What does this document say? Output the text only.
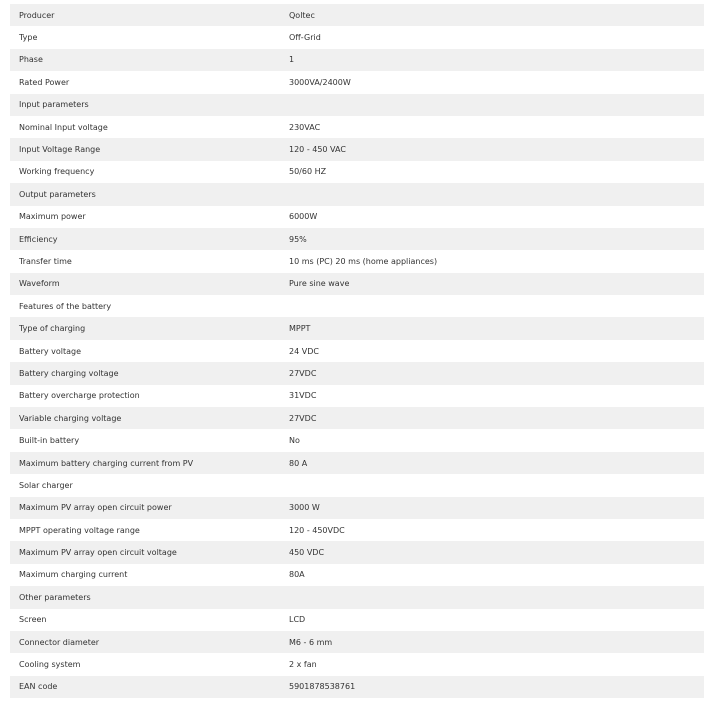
Producer	Qoltec
Type	Off-Grid
Phase	1
Rated Power	3000VA/2400W
Input parameters
Nominal Input voltage	230VAC
Input Voltage Range	120 - 450 VAC
Working frequency	50/60 HZ
Output parameters
Maximum power	6000W
Efficiency	95%
Transfer time	10 ms (PC) 20 ms (home appliances)
Waveform	Pure sine wave
Features of the battery
Type of charging	MPPT
Battery voltage	24 VDC
Battery charging voltage	27VDC
Battery overcharge protection	31VDC
Variable charging voltage	27VDC
Built-in battery	No
Maximum battery charging current from PV	80 A
Solar charger
Maximum PV array open circuit power	3000 W
MPPT operating voltage range	120 - 450VDC
Maximum PV array open circuit voltage	450 VDC
Maximum charging current	80A
Other parameters
Screen	LCD
Connector diameter	M6 - 6 mm
Cooling system	2 x fan
EAN code	5901878538761
